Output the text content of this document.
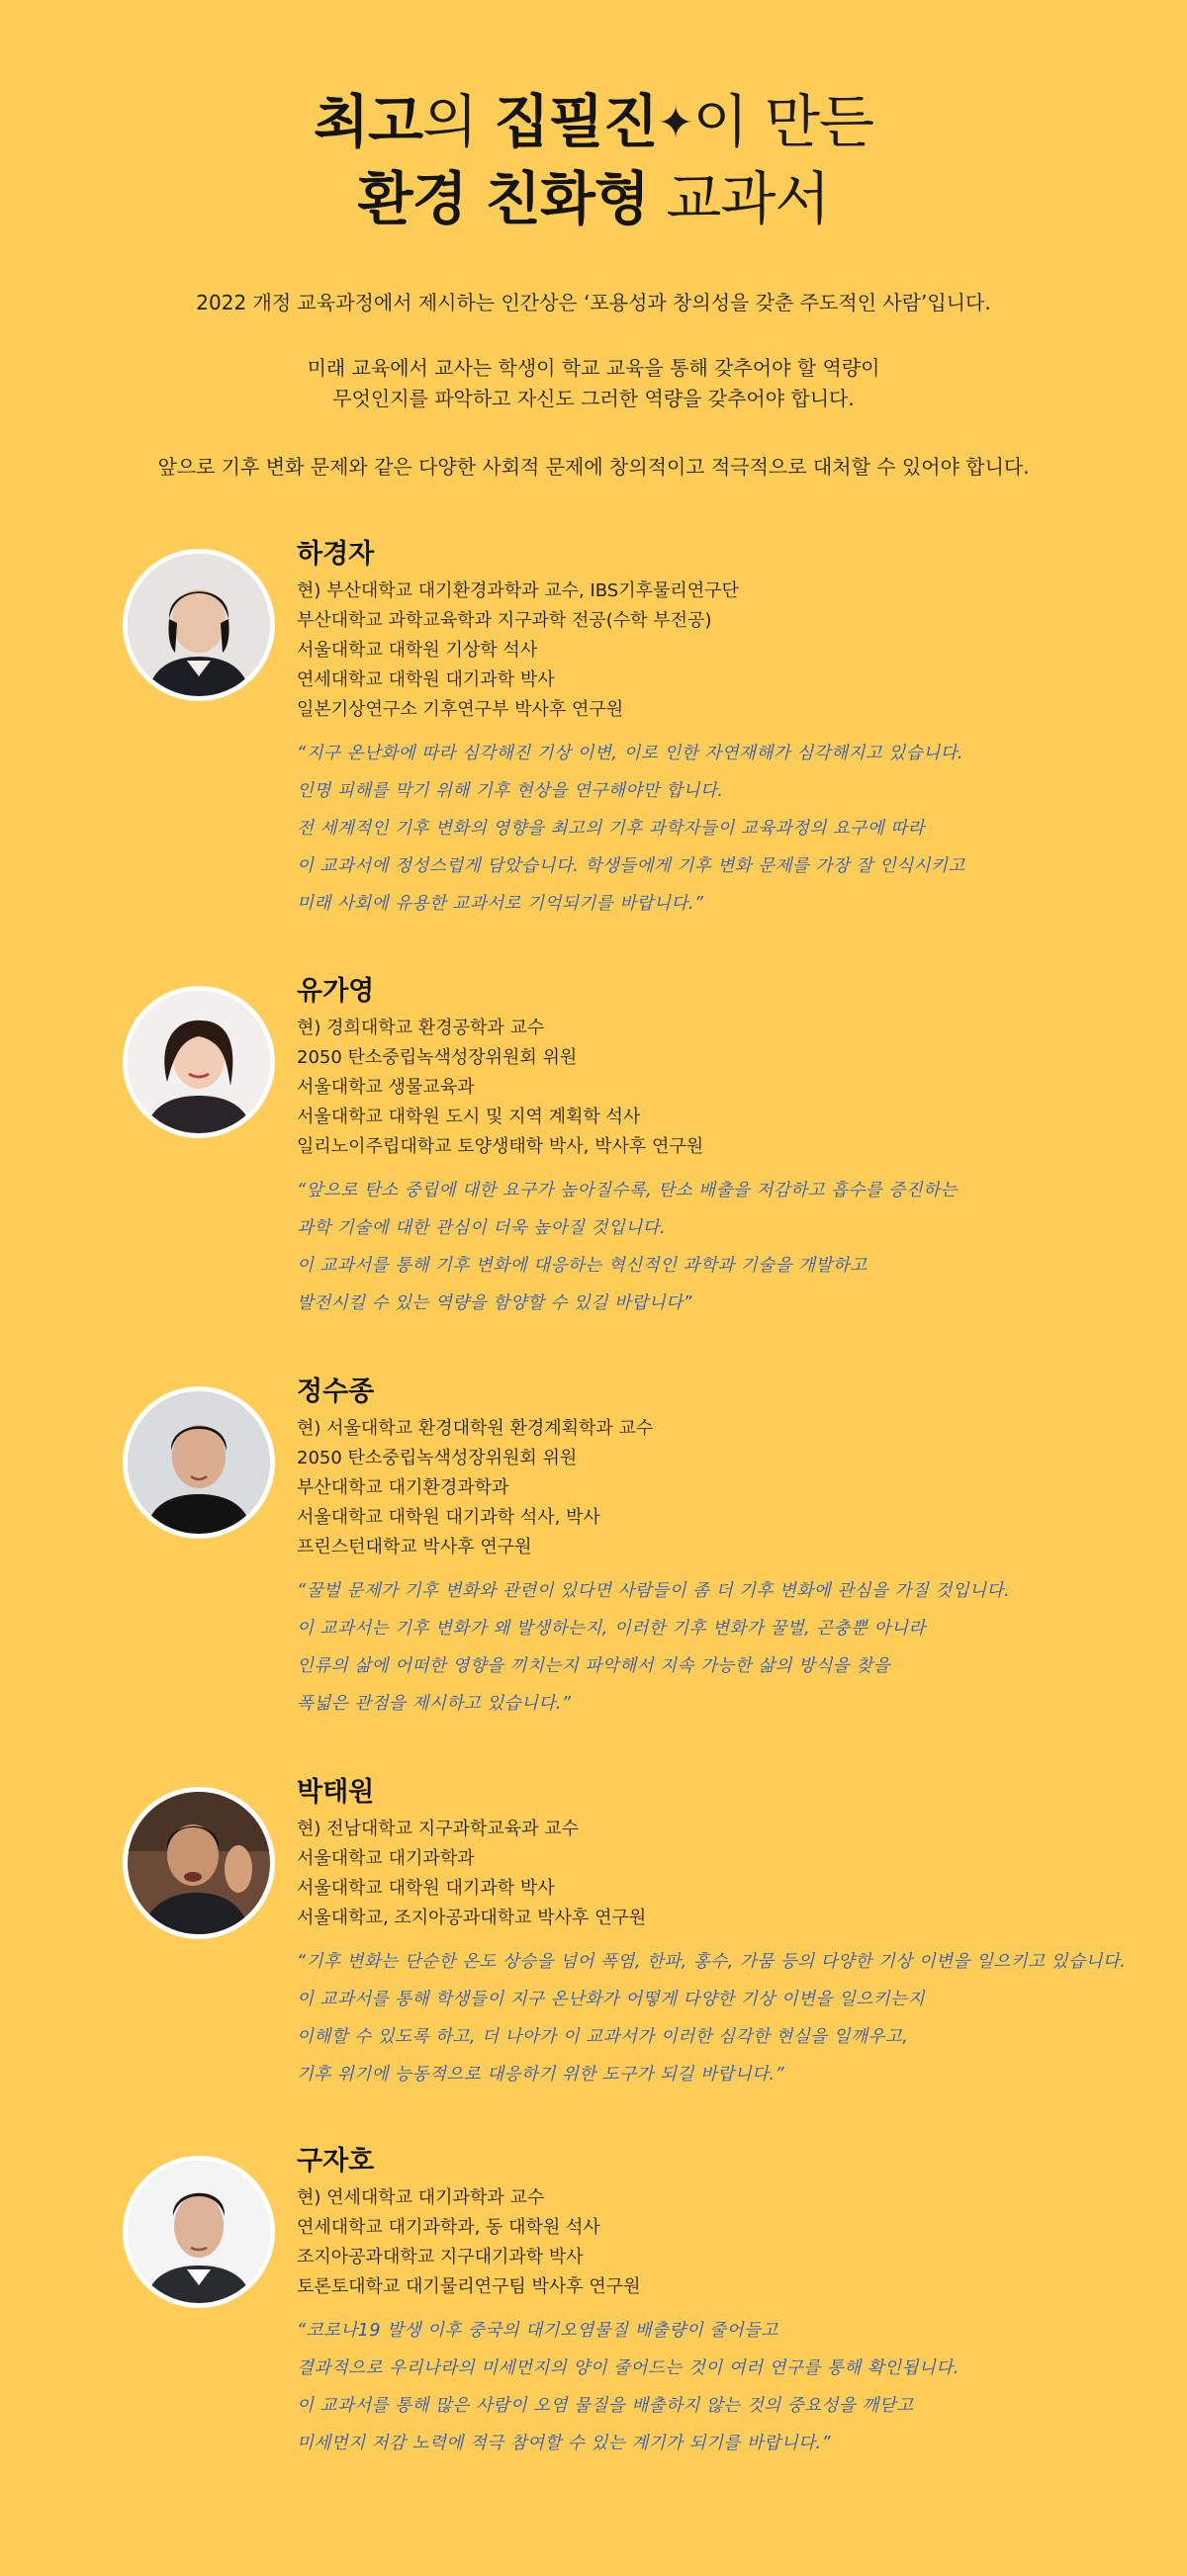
최고의 집필진✦이 만든
환경 친화형 교과서
2022 개정 교육과정에서 제시하는 인간상은 ‘포용성과 창의성을 갖춘 주도적인 사람’입니다.
미래 교육에서 교사는 학생이 학교 교육을 통해 갖추어야 할 역량이
무엇인지를 파악하고 자신도 그러한 역량을 갖추어야 합니다.
앞으로 기후 변화 문제와 같은 다양한 사회적 문제에 창의적이고 적극적으로 대처할 수 있어야 합니다.
하경자
현) 부산대학교 대기환경과학과 교수, IBS기후물리연구단
부산대학교 과학교육학과 지구과학 전공(수학 부전공)
서울대학교 대학원 기상학 석사
연세대학교 대학원 대기과학 박사
일본기상연구소 기후연구부 박사후 연구원
“지구 온난화에 따라 심각해진 기상 이변, 이로 인한 자연재해가 심각해지고 있습니다.
인명 피해를 막기 위해 기후 현상을 연구해야만 합니다.
전 세계적인 기후 변화의 영향을 최고의 기후 과학자들이 교육과정의 요구에 따라
이 교과서에 정성스럽게 담았습니다. 학생들에게 기후 변화 문제를 가장 잘 인식시키고
미래 사회에 유용한 교과서로 기억되기를 바랍니다.”
유가영
현) 경희대학교 환경공학과 교수
2050 탄소중립녹색성장위원회 위원
서울대학교 생물교육과
서울대학교 대학원 도시 및 지역 계획학 석사
일리노이주립대학교 토양생태학 박사, 박사후 연구원
“앞으로 탄소 중립에 대한 요구가 높아질수록, 탄소 배출을 저감하고 흡수를 증진하는
과학 기술에 대한 관심이 더욱 높아질 것입니다.
이 교과서를 통해 기후 변화에 대응하는 혁신적인 과학과 기술을 개발하고
발전시킬 수 있는 역량을 함양할 수 있길 바랍니다”
정수종
현) 서울대학교 환경대학원 환경계획학과 교수
2050 탄소중립녹색성장위원회 위원
부산대학교 대기환경과학과
서울대학교 대학원 대기과학 석사, 박사
프린스턴대학교 박사후 연구원
“꿀벌 문제가 기후 변화와 관련이 있다면 사람들이 좀 더 기후 변화에 관심을 가질 것입니다.
이 교과서는 기후 변화가 왜 발생하는지, 이러한 기후 변화가 꿀벌, 곤충뿐 아니라
인류의 삶에 어떠한 영향을 끼치는지 파악해서 지속 가능한 삶의 방식을 찾을
폭넓은 관점을 제시하고 있습니다.”
박태원
현) 전남대학교 지구과학교육과 교수
서울대학교 대기과학과
서울대학교 대학원 대기과학 박사
서울대학교, 조지아공과대학교 박사후 연구원
“기후 변화는 단순한 온도 상승을 넘어 폭염, 한파, 홍수, 가뭄 등의 다양한 기상 이변을 일으키고 있습니다.
이 교과서를 통해 학생들이 지구 온난화가 어떻게 다양한 기상 이변을 일으키는지
이해할 수 있도록 하고, 더 나아가 이 교과서가 이러한 심각한 현실을 일깨우고,
기후 위기에 능동적으로 대응하기 위한 도구가 되길 바랍니다.”
구자호
현) 연세대학교 대기과학과 교수
연세대학교 대기과학과, 동 대학원 석사
조지아공과대학교 지구대기과학 박사
토론토대학교 대기물리연구팀 박사후 연구원
“코로나19 발생 이후 중국의 대기오염물질 배출량이 줄어들고
결과적으로 우리나라의 미세먼지의 양이 줄어드는 것이 여러 연구를 통해 확인됩니다.
이 교과서를 통해 많은 사람이 오염 물질을 배출하지 않는 것의 중요성을 깨닫고
미세먼지 저감 노력에 적극 참여할 수 있는 계기가 되기를 바랍니다.”
